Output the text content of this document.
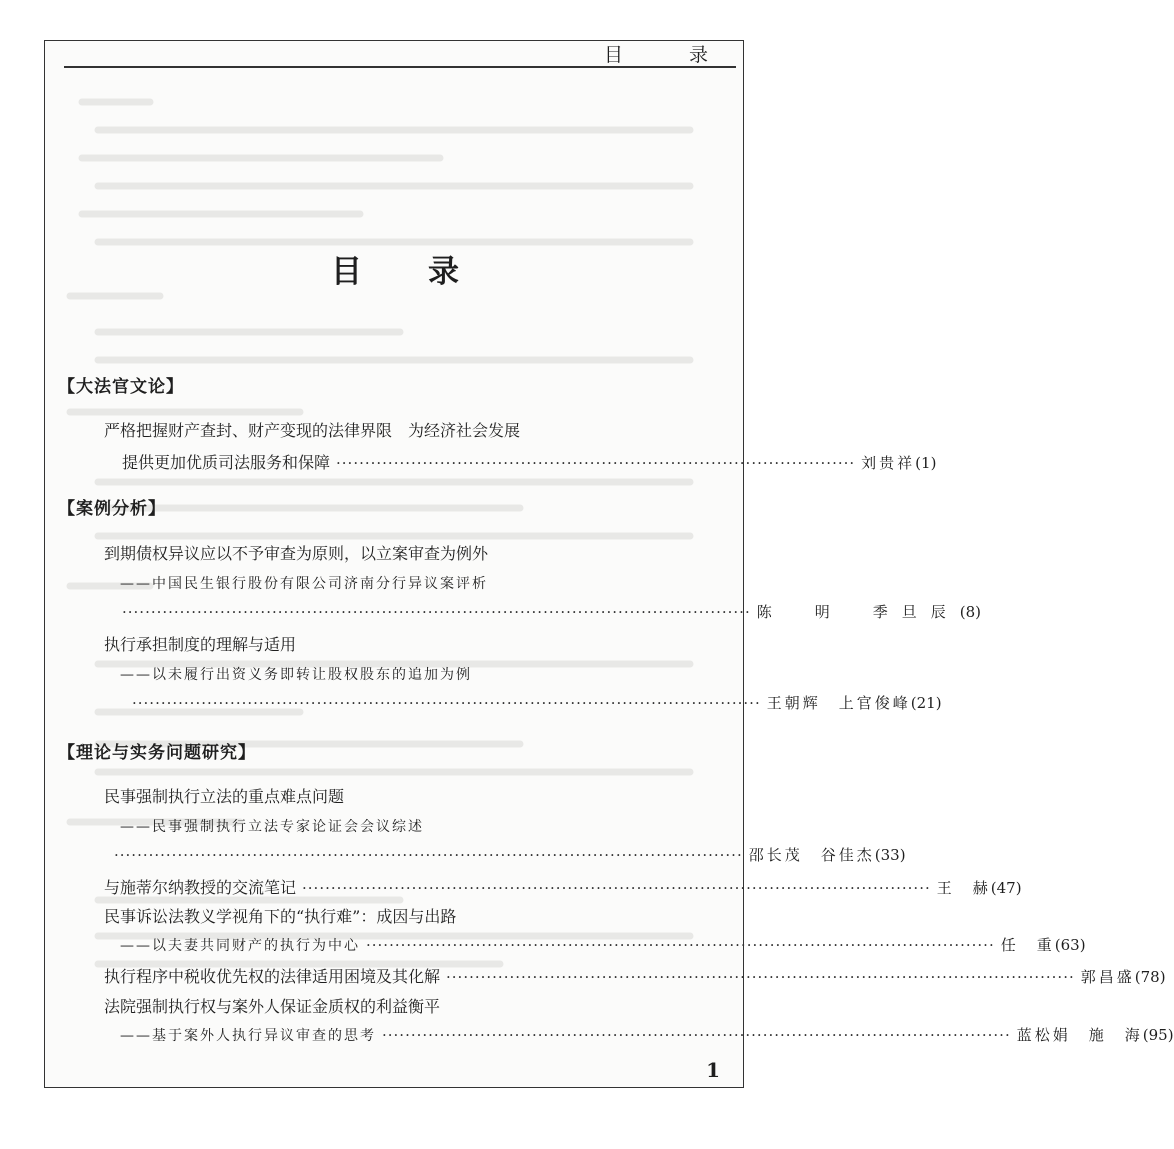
目 录
目 录
【大法官文论】
严格把握财产查封、财产变现的法律界限　为经济社会发展
提供更加优质司法服务和保障 ·························································································· 刘贵祥 (1)
【案例分析】
到期债权异议应以不予审查为原则，以立案审查为例外
——中国民生银行股份有限公司济南分行异议案评析
············································································································· 陈　明　季旦辰 (8)
执行承担制度的理解与适用
——以未履行出资义务即转让股权股东的追加为例
············································································································· 王朝辉　上官俊峰 (21)
【理论与实务问题研究】
民事强制执行立法的重点难点问题
——民事强制执行立法专家论证会会议综述
············································································································· 邵长茂　谷佳杰 (33)
与施蒂尔纳教授的交流笔记 ············································································································· 王　赫 (47)
民事诉讼法教义学视角下的“执行难”：成因与出路
——以夫妻共同财产的执行为中心 ············································································································· 任　重 (63)
执行程序中税收优先权的法律适用困境及其化解 ············································································································· 郭昌盛 (78)
法院强制执行权与案外人保证金质权的利益衡平
——基于案外人执行异议审查的思考 ············································································································· 蓝松娟　施　海 (95)
1
